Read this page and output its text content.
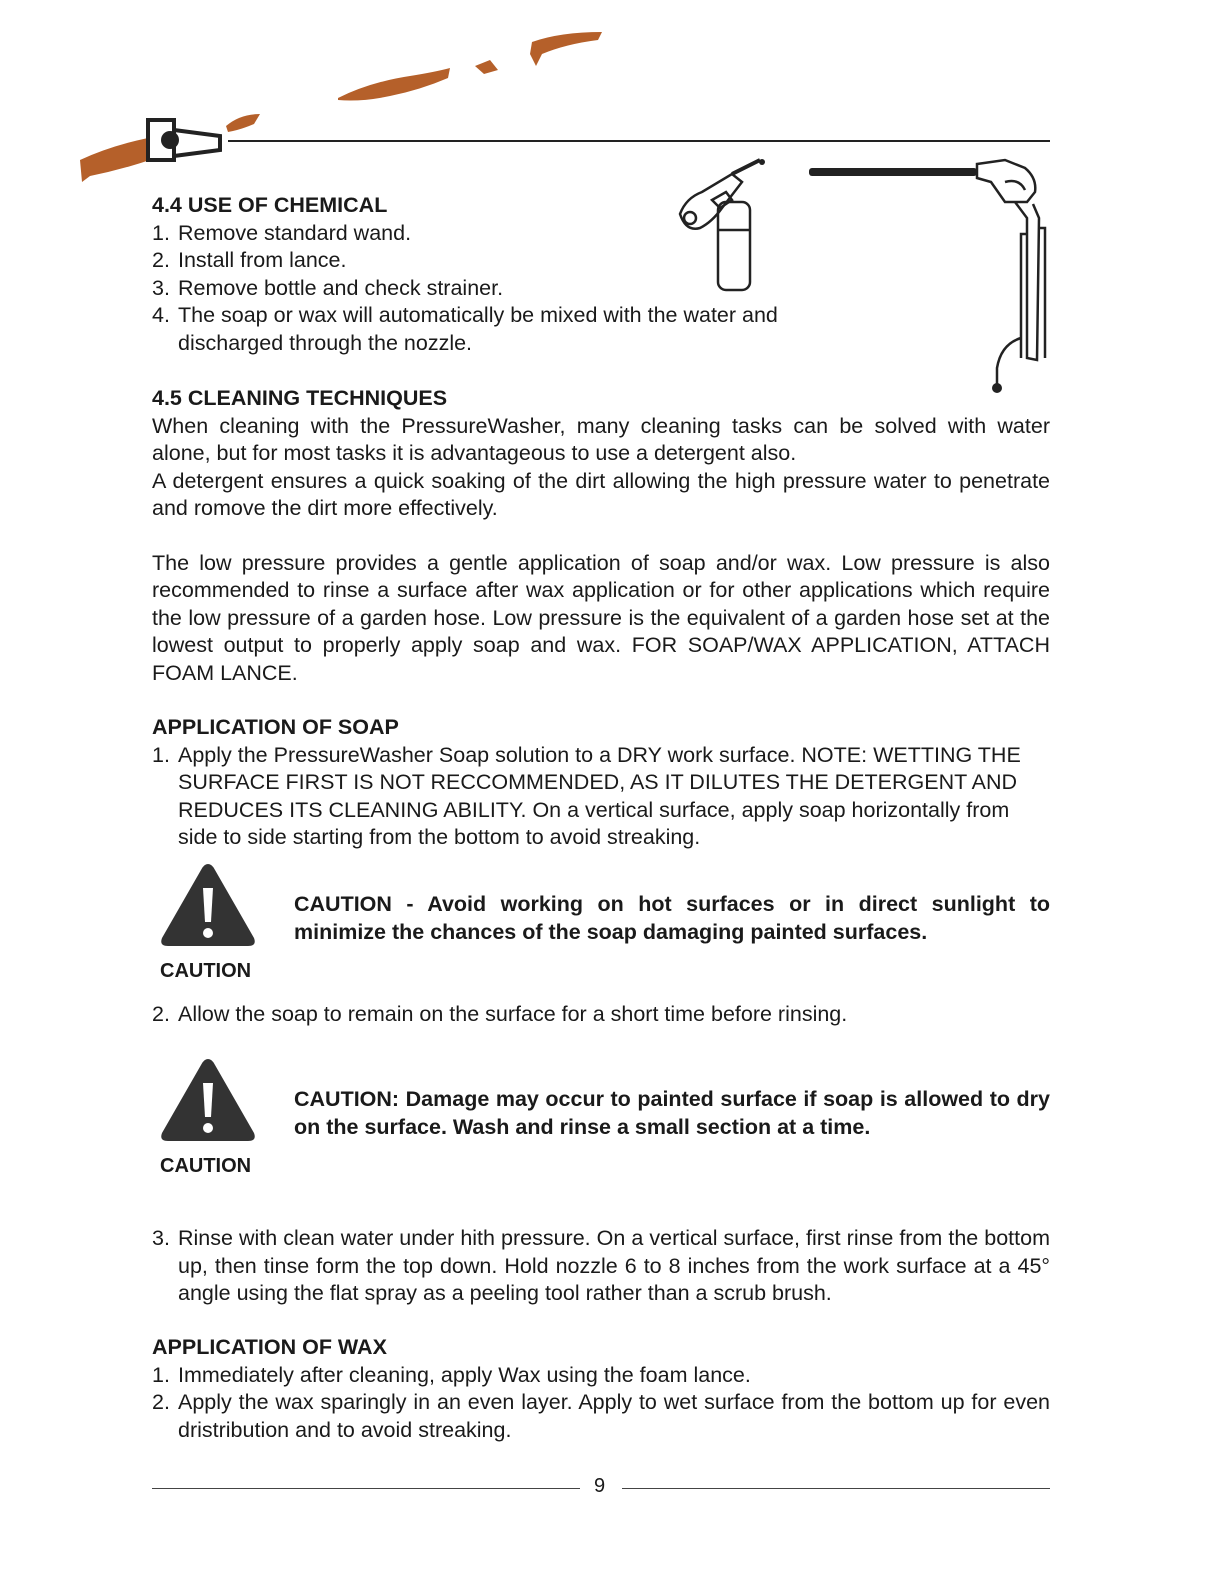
4.4 USE OF CHEMICAL
1. Remove standard wand.
2. Install from lance.
3. Remove bottle and check strainer.
4. The soap or wax will automatically be mixed with the water and discharged through the nozzle.
4.5 CLEANING TECHNIQUES
When cleaning with the PressureWasher, many cleaning tasks can be solved with water alone, but for most tasks it is advantageous to use a detergent also.
A detergent ensures a quick soaking of the dirt allowing the high pressure water to penetrate and romove the dirt more effectively.
The low pressure provides a gentle application of soap and/or wax. Low pressure is also recommended to rinse a surface after wax application or for other applications which require the low pressure of a garden hose. Low pressure is the equivalent of a garden hose set at the lowest output to properly apply soap and wax. FOR SOAP/WAX APPLICATION, ATTACH FOAM LANCE.
APPLICATION OF SOAP
1. Apply the PressureWasher Soap solution to a DRY work surface. NOTE: WETTING THE SURFACE FIRST IS NOT RECCOMMENDED, AS IT DILUTES THE DETERGENT AND REDUCES ITS CLEANING ABILITY. On a vertical surface, apply soap horizontally from side to side starting from the bottom to avoid streaking.
CAUTION
CAUTION - Avoid working on hot surfaces or in direct sunlight to minimize the chances of the soap damaging painted surfaces.
2. Allow the soap to remain on the surface for a short time before rinsing.
CAUTION
CAUTION: Damage may occur to painted surface if soap is allowed to dry on the surface. Wash and rinse a small section at a time.
3. Rinse with clean water under hith pressure. On a vertical surface, first rinse from the bottom up, then tinse form the top down. Hold nozzle 6 to 8 inches from the work surface at a 45° angle using the flat spray as a peeling tool rather than a scrub brush.
APPLICATION OF WAX
1. Immediately after cleaning, apply Wax using the foam lance.
2. Apply the wax sparingly in an even layer. Apply to wet surface from the bottom up for even dristribution and to avoid streaking.
9
